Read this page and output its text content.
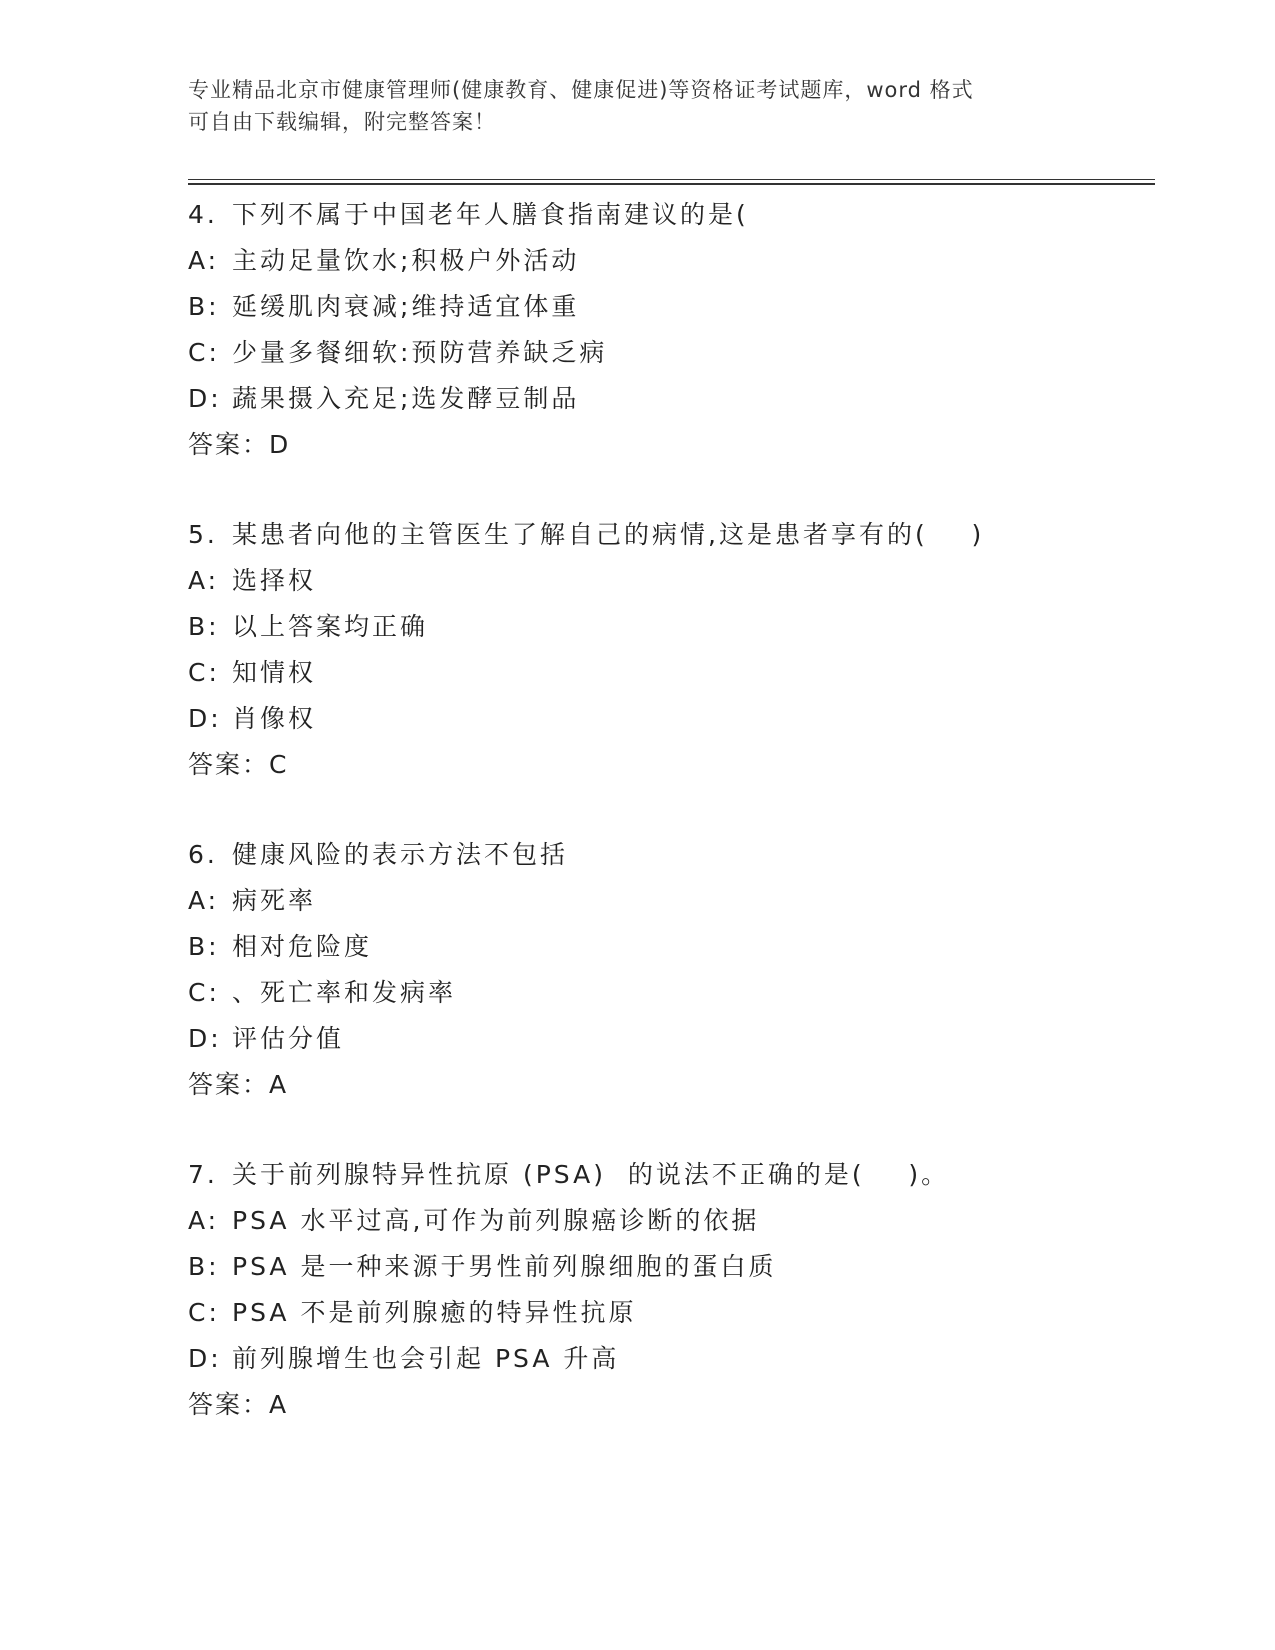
专业精品北京市健康管理师(健康教育、健康促进)等资格证考试题库，word 格式
可自由下载编辑，附完整答案！
4. 下列不属于中国老年人膳食指南建议的是(
A: 主动足量饮水;积极户外活动
B: 延缓肌肉衰减;维持适宜体重
C: 少量多餐细软:预防营养缺乏病
D: 蔬果摄入充足;选发酵豆制品
答案：D
5. 某患者向他的主管医生了解自己的病情,这是患者享有的(    )
A: 选择权
B: 以上答案均正确
C: 知情权
D: 肖像权
答案：C
6. 健康风险的表示方法不包括
A: 病死率
B: 相对危险度
C: 、死亡率和发病率
D: 评估分值
答案：A
7. 关于前列腺特异性抗原 (PSA)  的说法不正确的是(    )。
A: PSA 水平过高,可作为前列腺癌诊断的依据
B: PSA 是一种来源于男性前列腺细胞的蛋白质
C: PSA 不是前列腺癒的特异性抗原
D: 前列腺增生也会引起 PSA 升高
答案：A
